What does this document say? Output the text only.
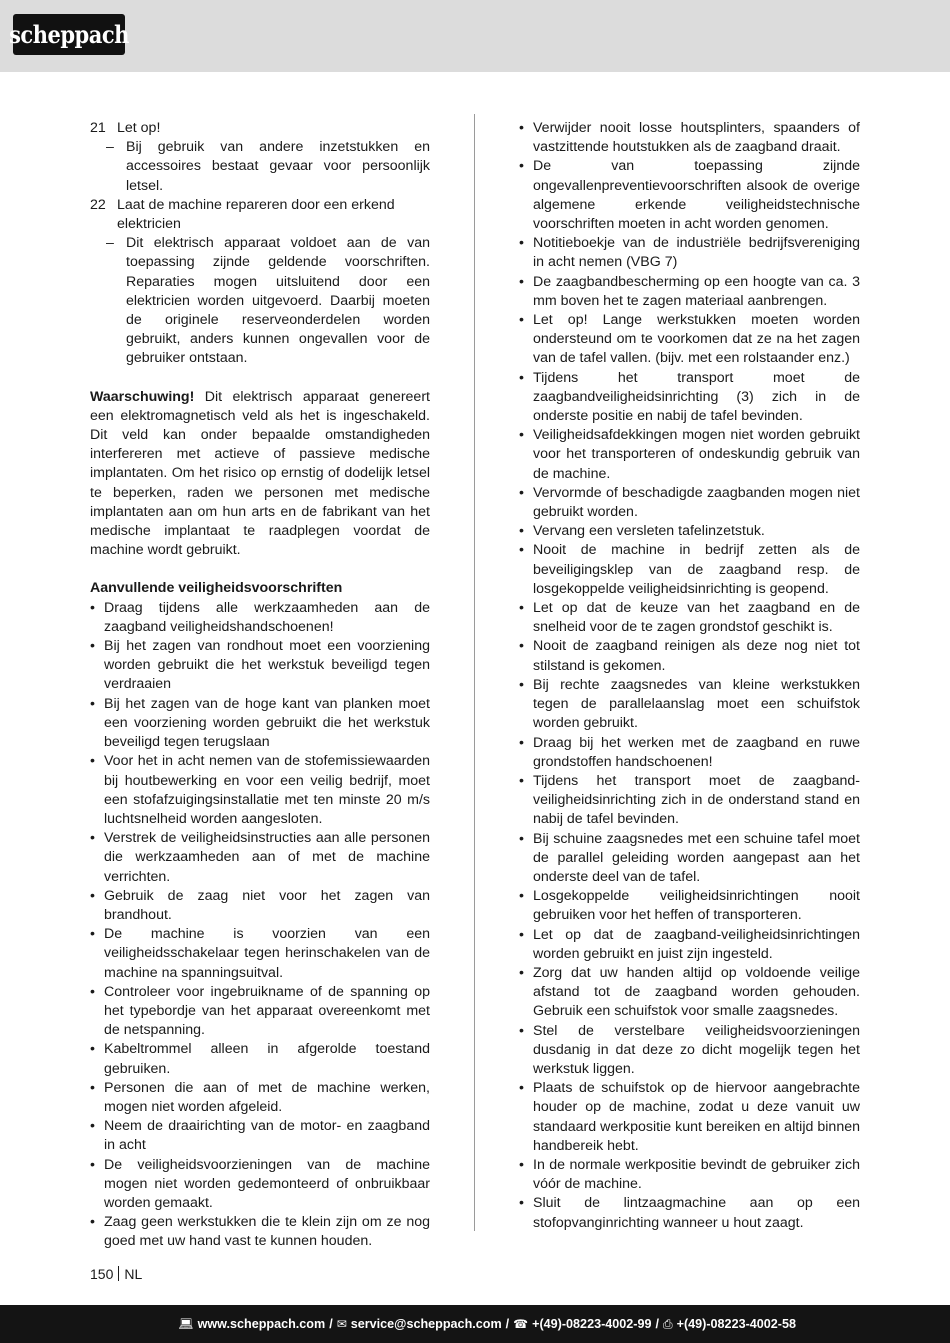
scheppach
21 Let op!
– Bij gebruik van andere inzetstukken en accessoires bestaat gevaar voor persoonlijk letsel.
22 Laat de machine repareren door een erkend elektricien
– Dit elektrisch apparaat voldoet aan de van toepassing zijnde geldende voorschriften. Reparaties mogen uitsluitend door een elektricien worden uitgevoerd. Daarbij moeten de originele reserveonderdelen worden gebruikt, anders kunnen ongevallen voor de gebruiker ontstaan.

Waarschuwing! Dit elektrisch apparaat genereert een elektromagnetisch veld als het is ingeschakeld. Dit veld kan onder bepaalde omstandigheden interfereren met actieve of passieve medische implantaten. Om het risico op ernstig of dodelijk letsel te beperken, raden we personen met medische implantaten aan om hun arts en de fabrikant van het medische implantaat te raadplegen voordat de machine wordt gebruikt.

Aanvullende veiligheidsvoorschriften

• Draag tijdens alle werkzaamheden aan de zaagband veiligheidshandschoenen!
• Bij het zagen van rondhout moet een voorziening worden gebruikt die het werkstuk beveiligd tegen verdraaien
• Bij het zagen van de hoge kant van planken moet een voorziening worden gebruikt die het werkstuk beveiligd tegen terugslaan
• Voor het in acht nemen van de stofemissiewaarden bij houtbewerking en voor een veilig bedrijf, moet een stofafzuigingsinstallatie met ten minste 20 m/s luchtsnelheid worden aangesloten.
• Verstrek de veiligheidsinstructies aan alle personen die werkzaamheden aan of met de machine verrichten.
• Gebruik de zaag niet voor het zagen van brandhout.
• De machine is voorzien van een veiligheidsschakelaar tegen herinschakelen van de machine na spanningsuitval.
• Controleer voor ingebruikname of de spanning op het typebordje van het apparaat overeenkomt met de netspanning.
• Kabeltrommel alleen in afgerolde toestand gebruiken.
• Personen die aan of met de machine werken, mogen niet worden afgeleid.
• Neem de draairichting van de motor- en zaagband in acht
• De veiligheidsvoorzieningen van de machine mogen niet worden gedemonteerd of onbruikbaar worden gemaakt.
• Zaag geen werkstukken die te klein zijn om ze nog goed met uw hand vast te kunnen houden.
• Verwijder nooit losse houtsplinters, spaanders of vastzittende houtstukken als de zaagband draait.
• De van toepassing zijnde ongevallenpreventievoorschriften alsook de overige algemene erkende veiligheidstechnische voorschriften moeten in acht worden genomen.
• Notitieboekje van de industriële bedrijfsvereniging in acht nemen (VBG 7)
• De zaagbandbescherming op een hoogte van ca. 3 mm boven het te zagen materiaal aanbrengen.
• Let op! Lange werkstukken moeten worden ondersteund om te voorkomen dat ze na het zagen van de tafel vallen. (bijv. met een rolstaander enz.)
• Tijdens het transport moet de zaagbandveiligheidsinrichting (3) zich in de onderste positie en nabij de tafel bevinden.
• Veiligheidsafdekkingen mogen niet worden gebruikt voor het transporteren of ondeskundig gebruik van de machine.
• Vervormde of beschadigde zaagbanden mogen niet gebruikt worden.
• Vervang een versleten tafelinzetstuk.
• Nooit de machine in bedrijf zetten als de beveiligingsklep van de zaagband resp. de losgekoppelde veiligheidsinrichting is geopend.
• Let op dat de keuze van het zaagband en de snelheid voor de te zagen grondstof geschikt is.
• Nooit de zaagband reinigen als deze nog niet tot stilstand is gekomen.
• Bij rechte zaagsnedes van kleine werkstukken tegen de parallelaanslag moet een schuifstok worden gebruikt.
• Draag bij het werken met de zaagband en ruwe grondstoffen handschoenen!
• Tijdens het transport moet de zaagband-veiligheidsinrichting zich in de onderstand stand en nabij de tafel bevinden.
• Bij schuine zaagsnedes met een schuine tafel moet de parallel geleiding worden aangepast aan het onderste deel van de tafel.
• Losgekoppelde veiligheidsinrichtingen nooit gebruiken voor het heffen of transporteren.
• Let op dat de zaagband-veiligheidsinrichtingen worden gebruikt en juist zijn ingesteld.
• Zorg dat uw handen altijd op voldoende veilige afstand tot de zaagband worden gehouden. Gebruik een schuifstok voor smalle zaagsnedes.
• Stel de verstelbare veiligheidsvoorzieningen dusdanig in dat deze zo dicht mogelijk tegen het werkstuk liggen.
• Plaats de schuifstok op de hiervoor aangebrachte houder op de machine, zodat u deze vanuit uw standaard werkpositie kunt bereiken en altijd binnen handbereik hebt.
• In de normale werkpositie bevindt de gebruiker zich vóór de machine.
• Sluit de lintzaagmachine aan op een stofopvanginrichting wanneer u hout zaagt.
150 NL
💻︎ www.scheppach.com / ✉︎ service@scheppach.com / ☎︎ +(49)-08223-4002-99 / ⎙ +(49)-08223-4002-58
